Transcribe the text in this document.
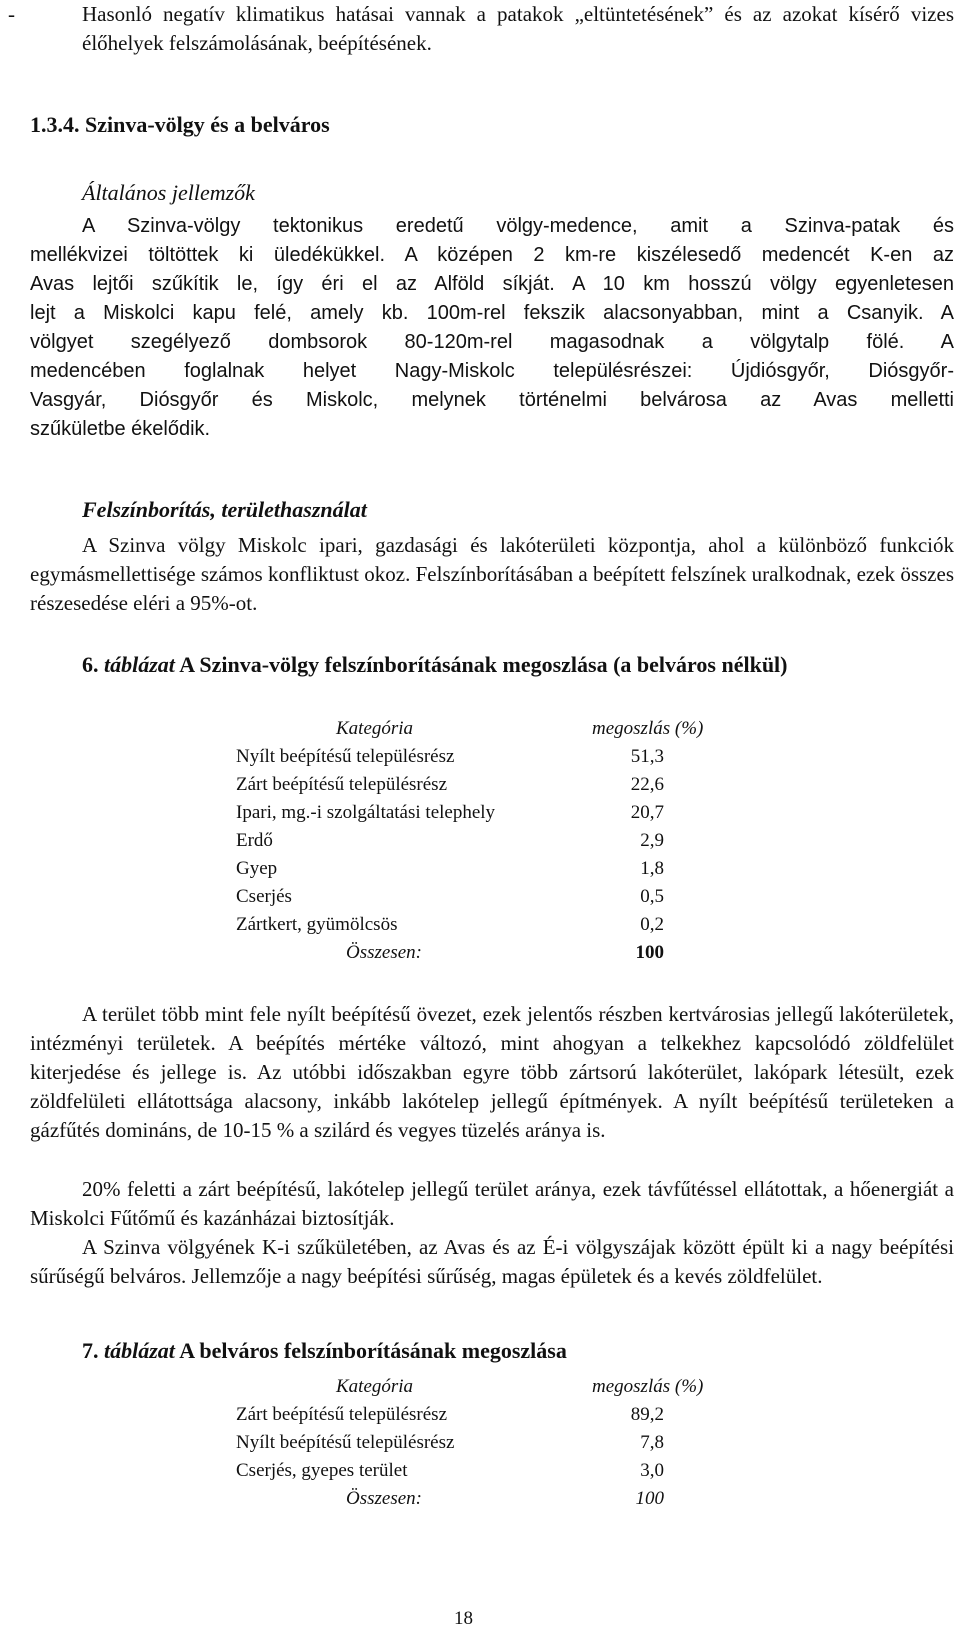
Hasonló negatív klimatikus hatásai vannak a patakok „eltüntetésének” és az azokat kísérő vizes élőhelyek felszámolásának, beépítésének.
-
1.3.4. Szinva-völgy és a belváros
Általános jellemzők
A Szinva-völgy tektonikus eredetű völgy-medence, amit a Szinva-patak és
mellékvizei töltöttek ki üledékükkel. A középen 2 km-re kiszélesedő medencét K-en az
Avas lejtői szűkítik le, így éri el az Alföld síkját. A 10 km hosszú völgy egyenletesen
lejt a Miskolci kapu felé, amely kb. 100m-rel fekszik alacsonyabban, mint a Csanyik. A
völgyet szegélyező dombsorok 80-120m-rel magasodnak a völgytalp fölé. A
medencében foglalnak helyet Nagy-Miskolc településrészei: Újdiósgyőr, Diósgyőr-
Vasgyár, Diósgyőr és Miskolc, melynek történelmi belvárosa az Avas melletti
szűkületbe ékelődik.
Felszínborítás, területhasználat
A Szinva völgy Miskolc ipari, gazdasági és lakóterületi központja, ahol a különböző funkciók egymásmellettisége számos konfliktust okoz. Felszínborításában a beépített felszínek uralkodnak, ezek összes részesedése eléri a 95%-ot.
6. táblázat A Szinva-völgy felszínborításának megoszlása (a belváros nélkül)
Kategória	megoszlás (%)
Nyílt beépítésű településrész	51,3
Zárt beépítésű településrész	22,6
Ipari, mg.-i szolgáltatási telephely	20,7
Erdő	2,9
Gyep	1,8
Cserjés	0,5
Zártkert, gyümölcsös	0,2
Összesen:	100
A terület több mint fele nyílt beépítésű övezet, ezek jelentős részben kertvárosias jellegű lakóterületek, intézményi területek. A beépítés mértéke változó, mint ahogyan a telkekhez kapcsolódó zöldfelület kiterjedése és jellege is. Az utóbbi időszakban egyre több zártsorú lakóterület, lakópark létesült, ezek zöldfelületi ellátottsága alacsony, inkább lakótelep jellegű építmények. A nyílt beépítésű területeken a gázfűtés domináns, de 10-15 % a szilárd és vegyes tüzelés aránya is.
20% feletti a zárt beépítésű, lakótelep jellegű terület aránya, ezek távfűtéssel ellátottak, a hőenergiát a Miskolci Fűtőmű és kazánházai biztosítják.
A Szinva völgyének K-i szűkületében, az Avas és az É-i völgyszájak között épült ki a nagy beépítési sűrűségű belváros. Jellemzője a nagy beépítési sűrűség, magas épületek és a kevés zöldfelület.
7. táblázat A belváros felszínborításának megoszlása
Kategória	megoszlás (%)
Zárt beépítésű településrész	89,2
Nyílt beépítésű településrész	7,8
Cserjés, gyepes terület	3,0
Összesen:	100
18
